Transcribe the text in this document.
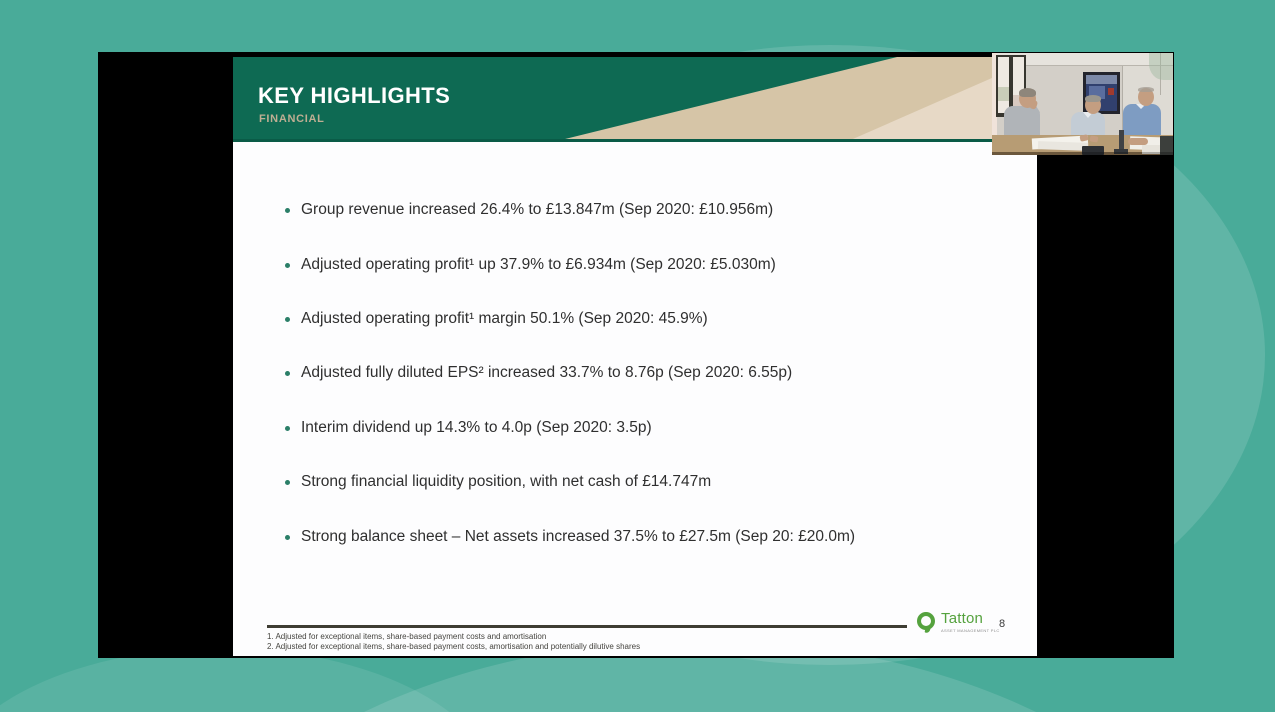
KEY HIGHLIGHTS
FINANCIAL
Group revenue increased 26.4% to £13.847m (Sep 2020: £10.956m)
Adjusted operating profit¹ up 37.9% to £6.934m (Sep 2020: £5.030m)
Adjusted operating profit¹ margin 50.1% (Sep 2020: 45.9%)
Adjusted fully diluted EPS² increased 33.7% to 8.76p (Sep 2020: 6.55p)
Interim dividend up 14.3% to 4.0p (Sep 2020: 3.5p)
Strong financial liquidity position, with net cash of £14.747m
Strong balance sheet – Net assets increased 37.5% to £27.5m (Sep 20: £20.0m)
1. Adjusted for exceptional items, share-based payment costs and amortisation
2. Adjusted for exceptional items, share-based payment costs, amortisation and potentially dilutive shares
Tatton
ASSET MANAGEMENT PLC
8
